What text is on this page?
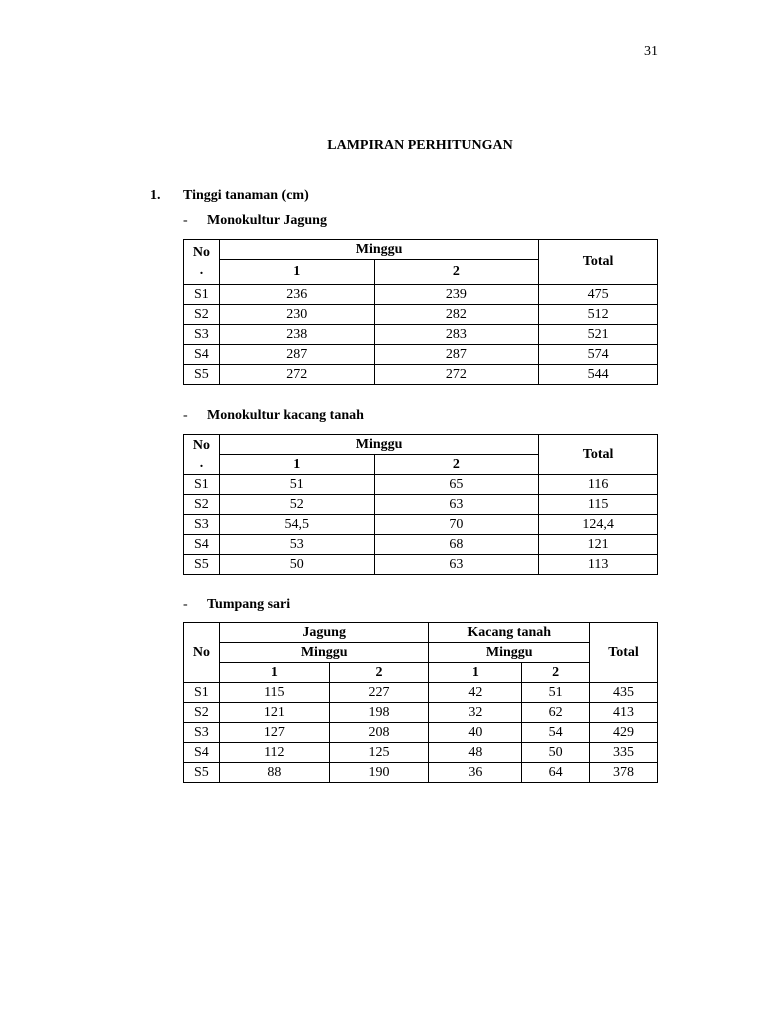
31
LAMPIRAN PERHITUNGAN
1. Tinggi tanaman (cm)
- Monokultur Jagung
No
.	Minggu		Total
	1	2	
S1	236	239	475
S2	230	282	512
S3	238	283	521
S4	287	287	574
S5	272	272	544
- Monokultur kacang tanah
No
.	Minggu		Total
	1	2	
S1	51	65	116
S2	52	63	115
S3	54,5	70	124,4
S4	53	68	121
S5	50	63	113
- Tumpang sari
No	Jagung		Kacang tanah		Total
	Minggu		Minggu		
	1	2	1	2	
S1	115	227	42	51	435
S2	121	198	32	62	413
S3	127	208	40	54	429
S4	112	125	48	50	335
S5	88	190	36	64	378
